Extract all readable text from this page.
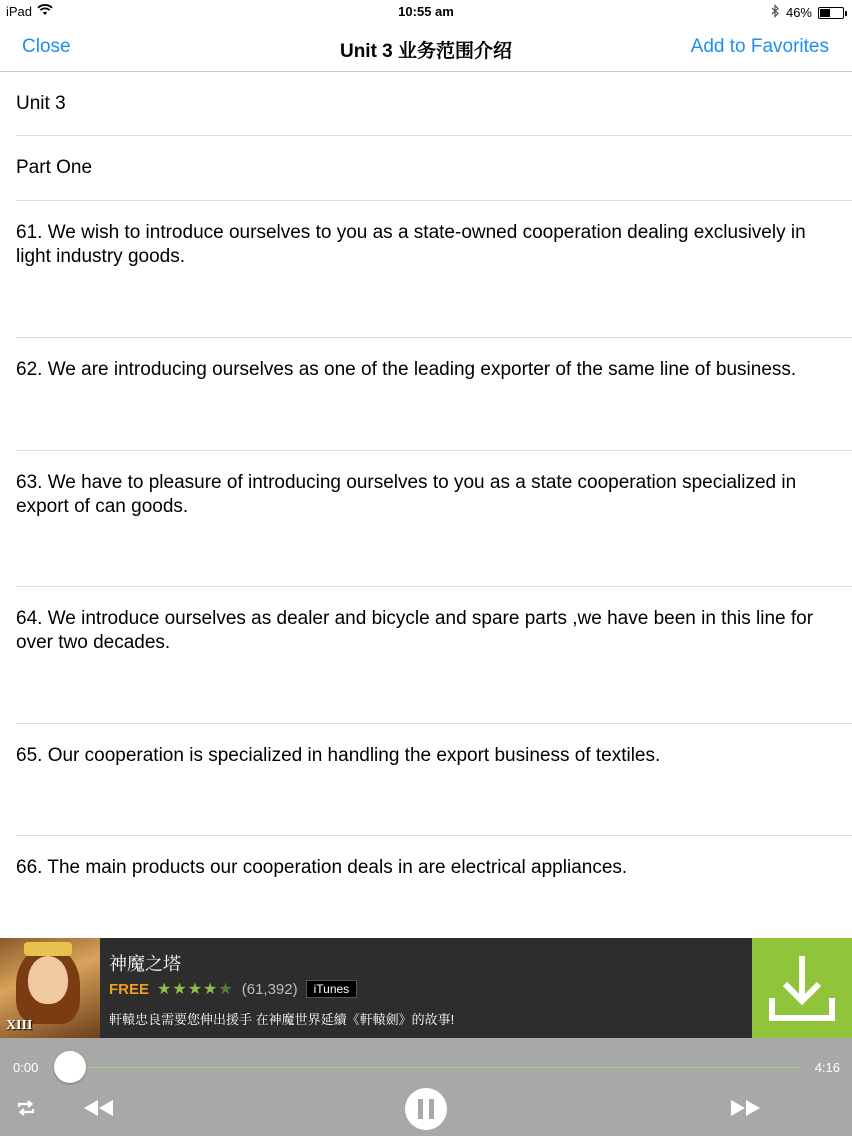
iPad	10:55 am	46%
Close	Unit 3 业务范围介绍	Add to Favorites
Unit 3
Part One
61. We wish to introduce ourselves to you as a state-owned cooperation dealing exclusively in light industry goods.
62. We are introducing ourselves as one of the leading exporter of the same line of business.
63. We have to pleasure of introducing ourselves to you as a state cooperation specialized in export of can goods.
64. We introduce ourselves as dealer and bicycle and spare parts ,we have been in this line for over two decades.
65. Our cooperation is specialized in handling the export business of textiles.
66. The main products our cooperation deals in are electrical appliances.
XIII
神魔之塔
FREE ★★★★★ (61,392)	iTunes
軒轅忠良需要您伸出援手 在神魔世界延續《軒轅劍》的故事!
0:00	4:16
